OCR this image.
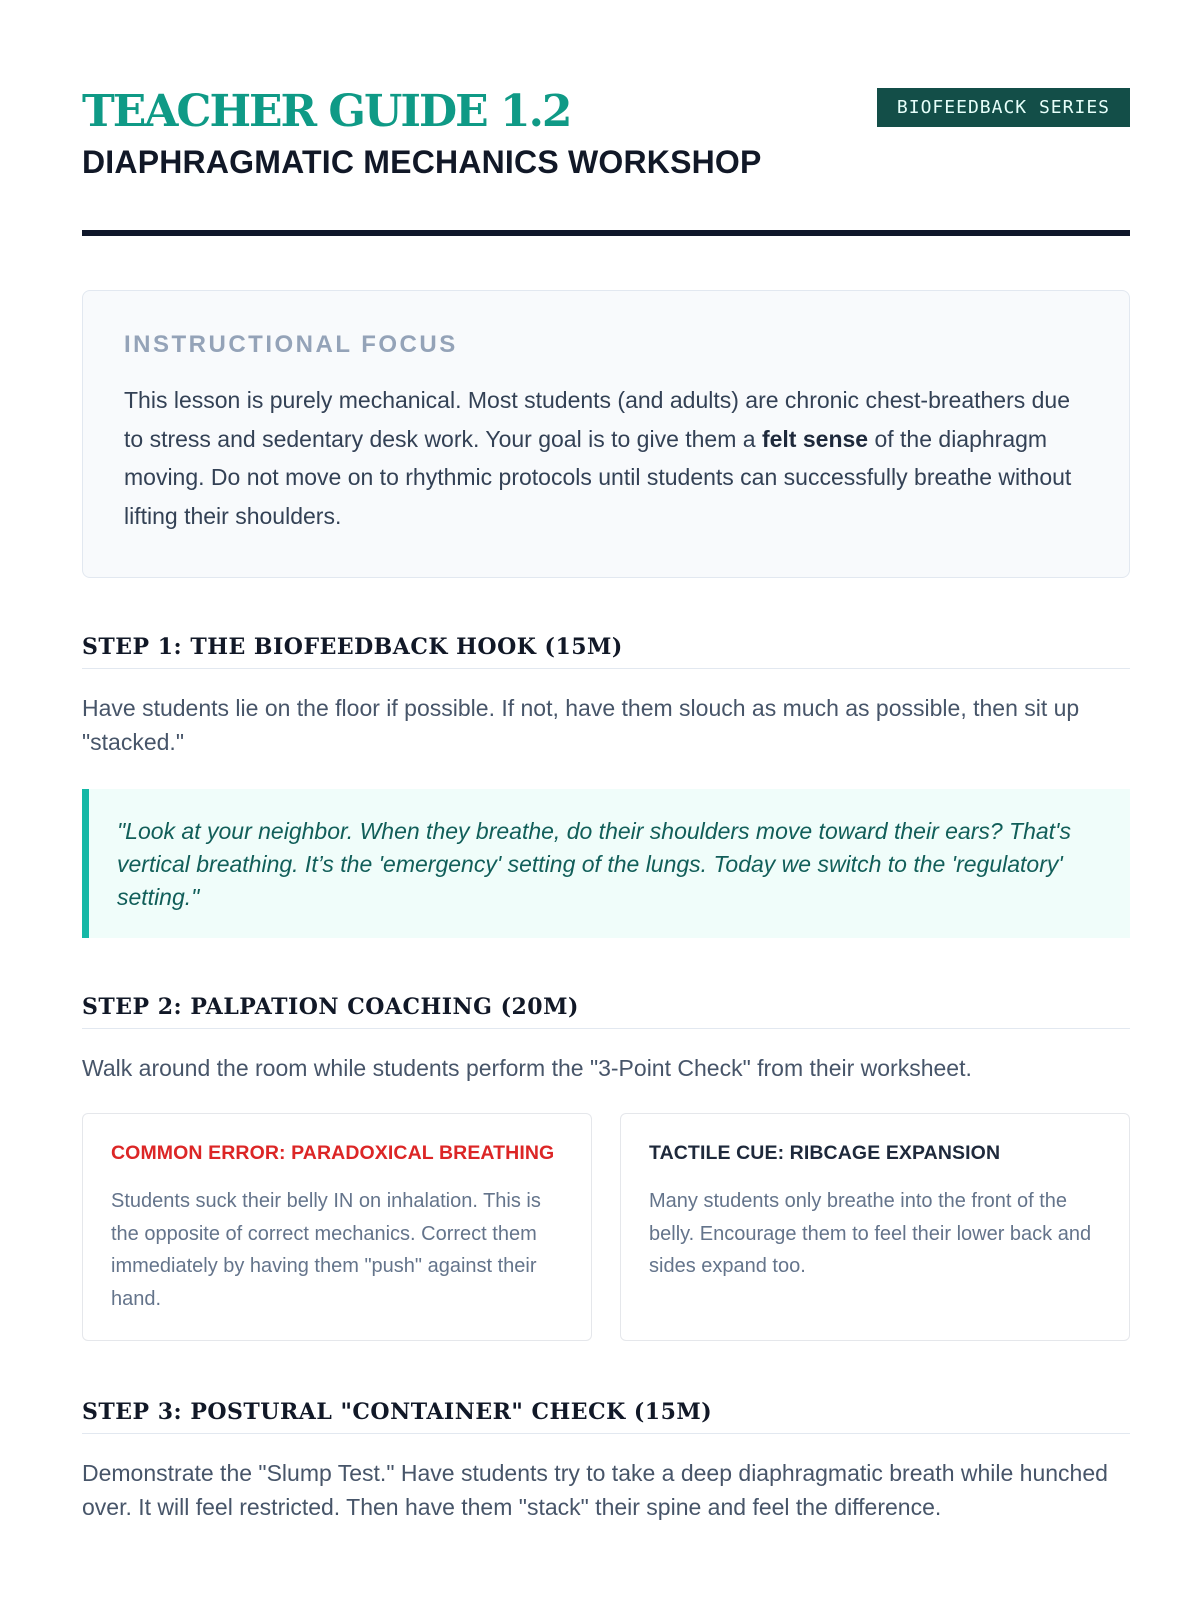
TEACHER GUIDE 1.2
DIAPHRAGMATIC MECHANICS WORKSHOP
BIOFEEDBACK SERIES
INSTRUCTIONAL FOCUS

This lesson is purely mechanical. Most students (and adults) are chronic chest-breathers due to stress and sedentary desk work. Your goal is to give them a felt sense of the diaphragm moving. Do not move on to rhythmic protocols until students can successfully breathe without lifting their shoulders.

STEP 1: THE BIOFEEDBACK HOOK (15M)

Have students lie on the floor if possible. If not, have them slouch as much as possible, then sit up "stacked."

"Look at your neighbor. When they breathe, do their shoulders move toward their ears? That's vertical breathing. It’s the 'emergency' setting of the lungs. Today we switch to the 'regulatory' setting."
STEP 2: PALPATION COACHING (20M)

Walk around the room while students perform the "3-Point Check" from their worksheet.

COMMON ERROR: PARADOXICAL BREATHING

Students suck their belly IN on inhalation. This is the opposite of correct mechanics. Correct them immediately by having them "push" against their hand.

TACTILE CUE: RIBCAGE EXPANSION

Many students only breathe into the front of the belly. Encourage them to feel their lower back and sides expand too.

STEP 3: POSTURAL "CONTAINER" CHECK (15M)

Demonstrate the "Slump Test." Have students try to take a deep diaphragmatic breath while hunched over. It will feel restricted. Then have them "stack" their spine and feel the difference.
